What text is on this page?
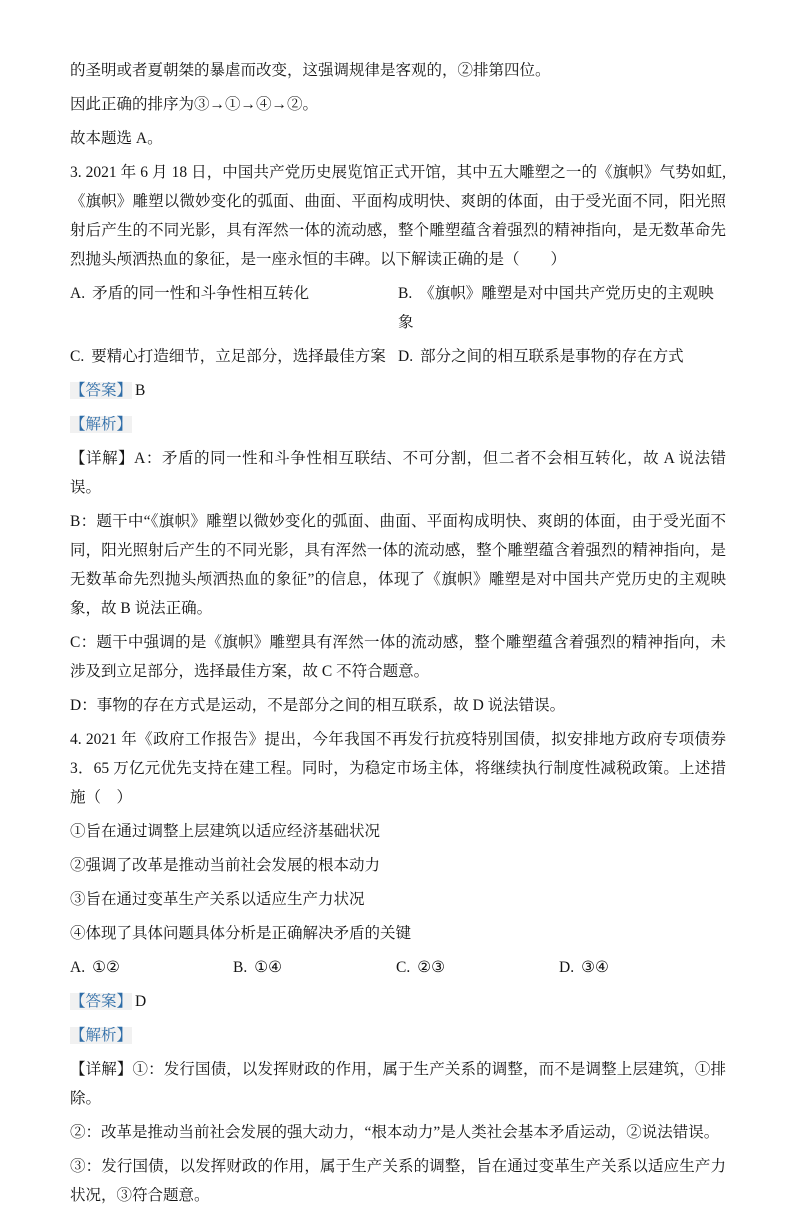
的圣明或者夏朝桀的暴虐而改变，这强调规律是客观的，②排第四位。

因此正确的排序为③→①→④→②。

故本题选 A。

3. 2021 年 6 月 18 日，中国共产党历史展览馆正式开馆，其中五大雕塑之一的《旗帜》气势如虹,《旗帜》雕塑以微妙变化的弧面、曲面、平面构成明快、爽朗的体面，由于受光面不同，阳光照射后产生的不同光影，具有浑然一体的流动感，整个雕塑蕴含着强烈的精神指向，是无数革命先烈抛头颅洒热血的象征，是一座永恒的丰碑。以下解读正确的是（　　）

A. 矛盾的同一性和斗争性相互转化	B. 《旗帜》雕塑是对中国共产党历史的主观映象
C. 要精心打造细节，立足部分，选择最佳方案 D. 部分之间的相互联系是事物的存在方式

【答案】 B

【解析】

【详解】A：矛盾的同一性和斗争性相互联结、不可分割，但二者不会相互转化，故 A 说法错误。

B：题干中“《旗帜》雕塑以微妙变化的弧面、曲面、平面构成明快、爽朗的体面，由于受光面不同，阳光照射后产生的不同光影，具有浑然一体的流动感，整个雕塑蕴含着强烈的精神指向，是无数革命先烈抛头颅洒热血的象征”的信息，体现了《旗帜》雕塑是对中国共产党历史的主观映象，故 B 说法正确。

C：题干中强调的是《旗帜》雕塑具有浑然一体的流动感，整个雕塑蕴含着强烈的精神指向，未涉及到立足部分，选择最佳方案，故 C 不符合题意。

D：事物的存在方式是运动，不是部分之间的相互联系，故 D 说法错误。

4. 2021 年《政府工作报告》提出，今年我国不再发行抗疫特别国债，拟安排地方政府专项债券 3．65 万亿元优先支持在建工程。同时，为稳定市场主体，将继续执行制度性减税政策。上述措施（　）

①旨在通过调整上层建筑以适应经济基础状况

②强调了改革是推动当前社会发展的根本动力

③旨在通过变革生产关系以适应生产力状况

④体现了具体问题具体分析是正确解决矛盾的关键

A. ①②	B. ①④	C. ②③	D. ③④

【答案】 D

【解析】

【详解】①：发行国债，以发挥财政的作用，属于生产关系的调整，而不是调整上层建筑，①排除。

②：改革是推动当前社会发展的强大动力，“根本动力”是人类社会基本矛盾运动，②说法错误。

③：发行国债，以发挥财政的作用，属于生产关系的调整，旨在通过变革生产关系以适应生产力状况，③符合题意。
